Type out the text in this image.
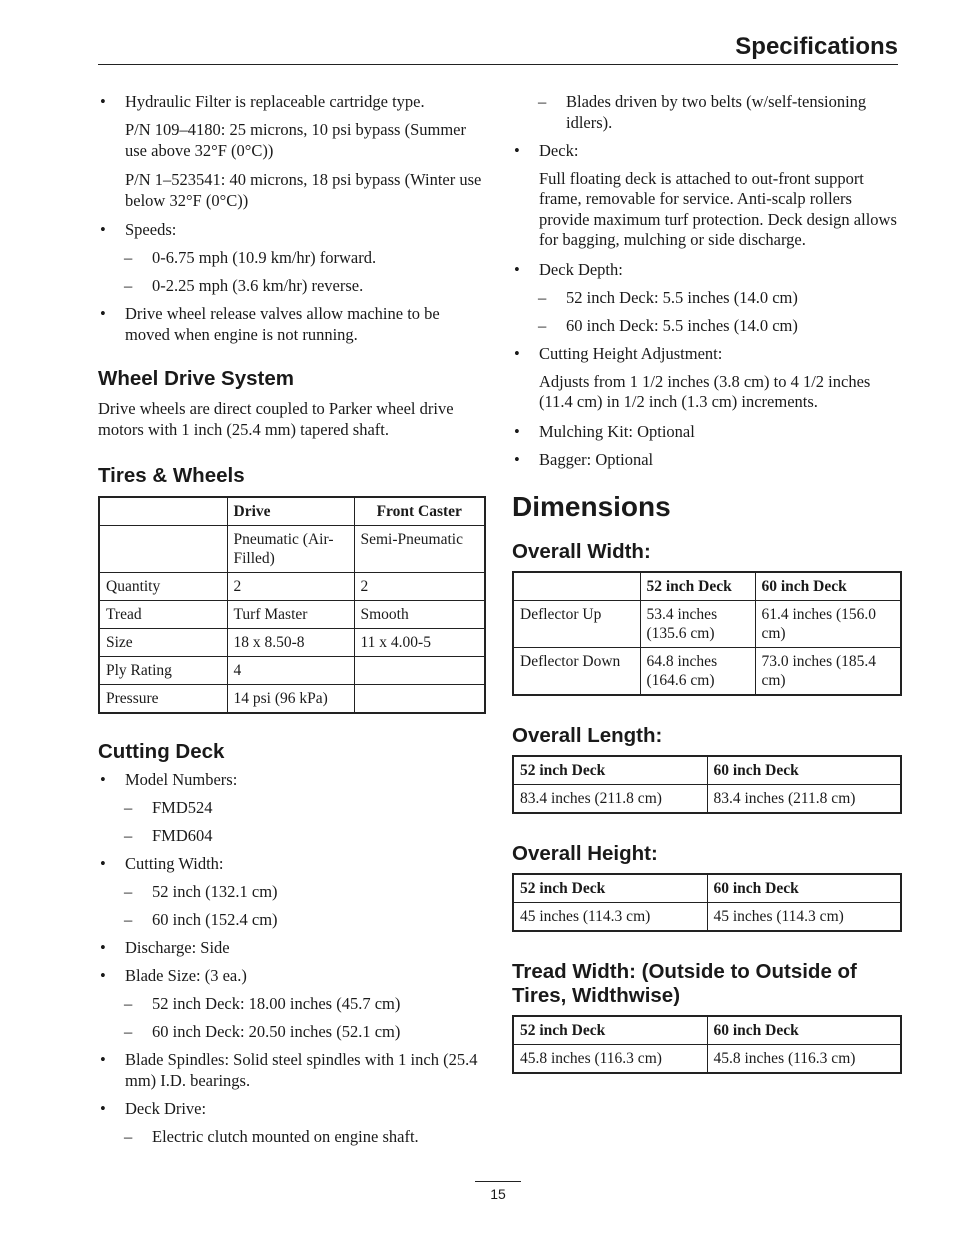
Specifications
• Hydraulic Filter is replaceable cartridge type.
P/N 109–4180: 25 microns, 10 psi bypass (Summer use above 32°F (0°C))
P/N 1–523541: 40 microns, 18 psi bypass (Winter use below 32°F (0°C))
• Speeds:
– 0-6.75 mph (10.9 km/hr) forward.
– 0-2.25 mph (3.6 km/hr) reverse.
• Drive wheel release valves allow machine to be moved when engine is not running.
Wheel Drive System
Drive wheels are direct coupled to Parker wheel drive motors with 1 inch (25.4 mm) tapered shaft.
Tires & Wheels
	Drive	Front Caster
	Pneumatic (Air-Filled)	Semi-Pneumatic
Quantity	2	2
Tread	Turf Master	Smooth
Size	18 x 8.50-8	11 x 4.00-5
Ply Rating	4	
Pressure	14 psi (96 kPa)	
Cutting Deck
• Model Numbers:
– FMD524
– FMD604
• Cutting Width:
– 52 inch (132.1 cm)
– 60 inch (152.4 cm)
• Discharge: Side
• Blade Size: (3 ea.)
– 52 inch Deck: 18.00 inches (45.7 cm)
– 60 inch Deck: 20.50 inches (52.1 cm)
• Blade Spindles: Solid steel spindles with 1 inch (25.4 mm) I.D. bearings.
• Deck Drive:
– Electric clutch mounted on engine shaft.
– Blades driven by two belts (w/self-tensioning idlers).
• Deck:
Full floating deck is attached to out-front support frame, removable for service. Anti-scalp rollers provide maximum turf protection. Deck design allows for bagging, mulching or side discharge.
• Deck Depth:
– 52 inch Deck: 5.5 inches (14.0 cm)
– 60 inch Deck: 5.5 inches (14.0 cm)
• Cutting Height Adjustment:
Adjusts from 1 1/2 inches (3.8 cm) to 4 1/2 inches (11.4 cm) in 1/2 inch (1.3 cm) increments.
• Mulching Kit: Optional
• Bagger: Optional
Dimensions
Overall Width:
	52 inch Deck	60 inch Deck
Deflector Up	53.4 inches (135.6 cm)	61.4 inches (156.0 cm)
Deflector Down	64.8 inches (164.6 cm)	73.0 inches (185.4 cm)
Overall Length:
52 inch Deck	60 inch Deck
83.4 inches (211.8 cm)	83.4 inches (211.8 cm)
Overall Height:
52 inch Deck	60 inch Deck
45 inches (114.3 cm)	45 inches (114.3 cm)
Tread Width: (Outside to Outside of Tires, Widthwise)
52 inch Deck	60 inch Deck
45.8 inches (116.3 cm)	45.8 inches (116.3 cm)
15
